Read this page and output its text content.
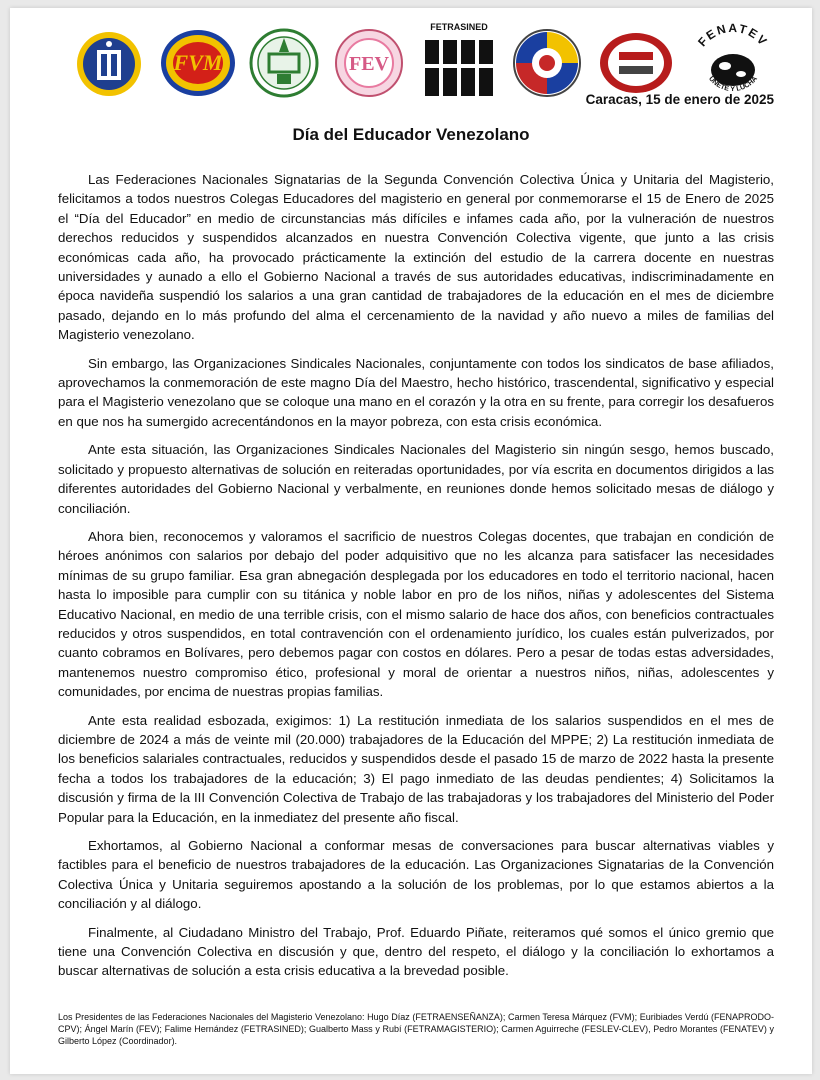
FVM	FEV
FETRASINED
FENATEV
UNETE Y LUCHA
Caracas, 15 de enero de 2025
Día del Educador Venezolano

Las Federaciones Nacionales Signatarias de la Segunda Convención Colectiva Única y Unitaria del Magisterio, felicitamos a todos nuestros Colegas Educadores del magisterio en general por conmemorarse el 15 de Enero de 2025 el “Día del Educador” en medio de circunstancias más difíciles e infames cada año, por la vulneración de nuestros derechos reducidos y suspendidos alcanzados en nuestra Convención Colectiva vigente, que junto a las crisis económicas cada año, ha provocado prácticamente la extinción del estudio de la carrera docente en nuestras universidades y aunado a ello el Gobierno Nacional a través de sus autoridades educativas, indiscriminadamente en época navideña suspendió los salarios a una gran cantidad de trabajadores de la educación en el mes de diciembre pasado, dejando en lo más profundo del alma el cercenamiento de la navidad y año nuevo a miles de familias del Magisterio venezolano.

Sin embargo, las Organizaciones Sindicales Nacionales, conjuntamente con todos los sindicatos de base afiliados, aprovechamos la conmemoración de este magno Día del Maestro, hecho histórico, trascendental, significativo y especial para el Magisterio venezolano que se coloque una mano en el corazón y la otra en su frente, para corregir los desafueros en que nos ha sumergido acrecentándonos en la mayor pobreza, con esta crisis económica.

Ante esta situación, las Organizaciones Sindicales Nacionales del Magisterio sin ningún sesgo, hemos buscado, solicitado y propuesto alternativas de solución en reiteradas oportunidades, por vía escrita en documentos dirigidos a las diferentes autoridades del Gobierno Nacional y verbalmente, en reuniones donde hemos solicitado mesas de diálogo y conciliación.

Ahora bien, reconocemos y valoramos el sacrificio de nuestros Colegas docentes, que trabajan en condición de héroes anónimos con salarios por debajo del poder adquisitivo que no les alcanza para satisfacer las necesidades mínimas de su grupo familiar. Esa gran abnegación desplegada por los educadores en todo el territorio nacional, hacen hasta lo imposible para cumplir con su titánica y noble labor en pro de los niños, niñas y adolescentes del Sistema Educativo Nacional, en medio de una terrible crisis, con el mismo salario de hace dos años, con beneficios contractuales reducidos y otros suspendidos, en total contravención con el ordenamiento jurídico, los cuales están pulverizados, por cuanto cobramos en Bolívares, pero debemos pagar con costos en dólares. Pero a pesar de todas estas adversidades, mantenemos nuestro compromiso ético, profesional y moral de orientar a nuestros niños, niñas, adolescentes y comunidades, por encima de nuestras propias familias.

Ante esta realidad esbozada, exigimos: 1) La restitución inmediata de los salarios suspendidos en el mes de diciembre de 2024 a más de veinte mil (20.000) trabajadores de la Educación del MPPE; 2) La restitución inmediata de los beneficios salariales contractuales, reducidos y suspendidos desde el pasado 15 de marzo de 2022 hasta la presente fecha a todos los trabajadores de la educación; 3) El pago inmediato de las deudas pendientes; 4) Solicitamos la discusión y firma de la III Convención Colectiva de Trabajo de las trabajadoras y los trabajadores del Ministerio del Poder Popular para la Educación, en la inmediatez del presente año fiscal.

Exhortamos, al Gobierno Nacional a conformar mesas de conversaciones para buscar alternativas viables y factibles para el beneficio de nuestros trabajadores de la educación. Las Organizaciones Signatarias de la Convención Colectiva Única y Unitaria seguiremos apostando a la solución de los problemas, por lo que estamos abiertos a la conciliación y al diálogo.

Finalmente, al Ciudadano Ministro del Trabajo, Prof. Eduardo Piñate, reiteramos qué somos el único gremio que tiene una Convención Colectiva en discusión y que, dentro del respeto, el diálogo y la conciliación lo exhortamos a buscar alternativas de solución a esta crisis educativa a la brevedad posible.

Los Presidentes de las Federaciones Nacionales del Magisterio Venezolano: Hugo Díaz (FETRAENSEÑANZA); Carmen Teresa Márquez (FVM); Euribiades Verdú (FENAPRODO-CPV); Ángel Marín (FEV); Falime Hernández (FETRASINED); Gualberto Mass y Rubí (FETRAMAGISTERIO); Carmen Aguirreche (FESLEV-CLEV), Pedro Morantes (FENATEV) y Gilberto López (Coordinador).
